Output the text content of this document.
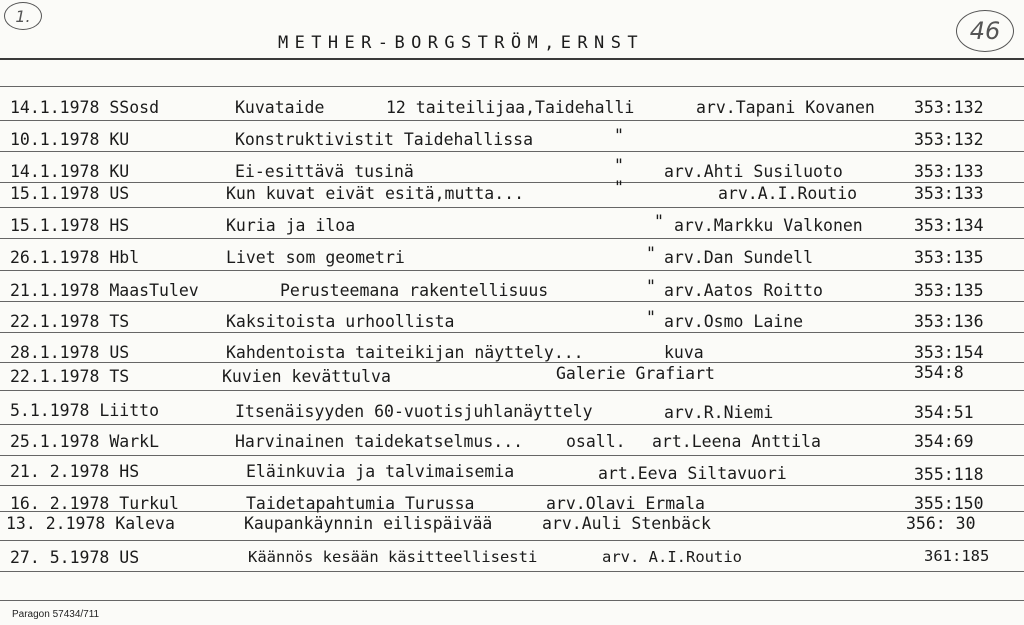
1.
46
METHER-BORGSTRÖM,ERNST
14.1.1978 SSosd	Kuvataide	12 taiteilijaa,Taidehalli	arv.Tapani Kovanen 353:132
10.1.1978 KU	Konstruktivistit Taidehallissa	"	353:132
14.1.1978 KU	Ei-esittävä tusinä	" arv.Ahti Susiluoto	353:133
15.1.1978 US	Kun kuvat eivät esitä,mutta...	"	arv.A.I.Routio	353:133
15.1.1978 HS	Kuria ja iloa	" arv.Markku Valkonen	353:134
26.1.1978 Hbl	Livet som geometri	" arv.Dan Sundell	353:135
21.1.1978 MaasTulev	Perusteemana rakentellisuus	" arv.Aatos Roitto	353:135
22.1.1978 TS	Kaksitoista urhoollista	" arv.Osmo Laine	353:136
28.1.1978 US	Kahdentoista taiteikijan näyttely...	kuva	353:154
22.1.1978 TS	Kuvien kevättulva	Galerie Grafiart	354:8
5.1.1978 Liitto	Itsenäisyyden 60-vuotisjuhlanäyttely	arv.R.Niemi	354:51
25.1.1978 WarkL	Harvinainen taidekatselmus...	osall. art.Leena Anttila	354:69
21. 2.1978 HS	Eläinkuvia ja talvimaisemia	art.Eeva Siltavuori	355:118
16. 2.1978 Turkul	Taidetapahtumia Turussa	arv.Olavi Ermala	355:150
13. 2.1978 Kaleva	Kaupankäynnin eilispäivää	arv.Auli Stenbäck	356: 30
27. 5.1978 US	Käännös kesään käsitteellisesti	arv. A.I.Routio	361:185
Paragon 57434/711
